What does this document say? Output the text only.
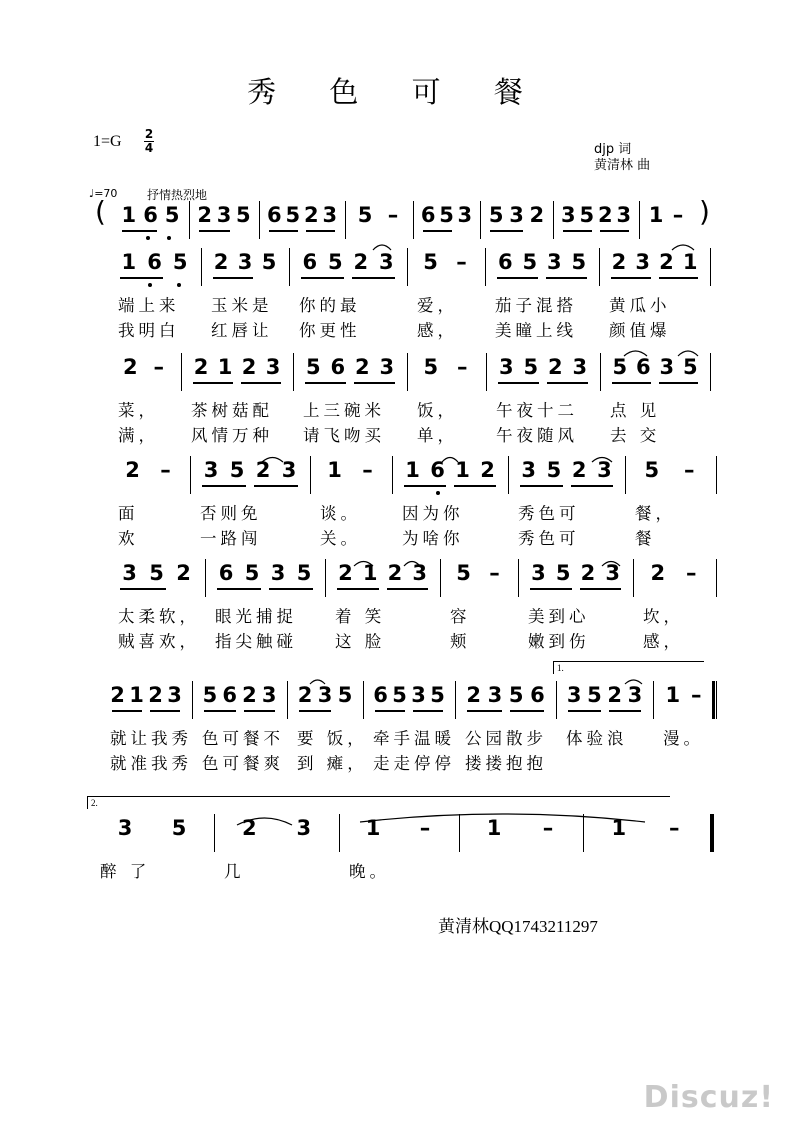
秀 色 可 餐
1=G 2
4	djp 词
黄清林 曲
♩=70 抒情热烈地
(	)
1 6 5 2 3 5 6 5 2 3 5 – 6 5 3 5 3 2 3 5 2 3 1 –
1 6 5
端上来
我明白
2 3 5
玉米是
红唇让
6 5 2 3
你的最
你更性
5 –
爱，
感，
6 5 3 5
茄子混搭
美瞳上线
2 3 2 1
黄瓜小
颜值爆
2 –
菜，
满，
2 1 2 3
茶树菇配
风情万种
5 6 2 3
上三碗米
请飞吻买
5 –
饭，
单，
3 5 2 3
午夜十二
午夜随风
5 6 3 5
点 见
去 交
2 –
面
欢
3 5 2 3
否则免
一路闯
1 –
谈。
关。
1 6 1 2
因为你
为啥你
3 5 2 3
秀色可
秀色可
5 –
餐，
餐
3 5 2
太柔软，
贼喜欢，
6 5 3 5
眼光捕捉
指尖触碰
2 1 2 3
着 笑
这 脸
5 –
容
颊
3 5 2 3
美到心
嫩到伤
2 –
坎，
感，
2 1 2 3
就让我秀
就准我秀
5 6 2 3
色可餐不
色可餐爽
2 3 5
要 饭，
到 瘫，
6 5 3 5
牵手温暖
走走停停
2 3 5 6
公园散步
搂搂抱抱
3 5 2 3
体验浪
1 –
漫。
3 5
醉 了
2 3
几
1 –
晚。
1 –	1 –
1.
2.
黄清林QQ1743211297
Discuz!
